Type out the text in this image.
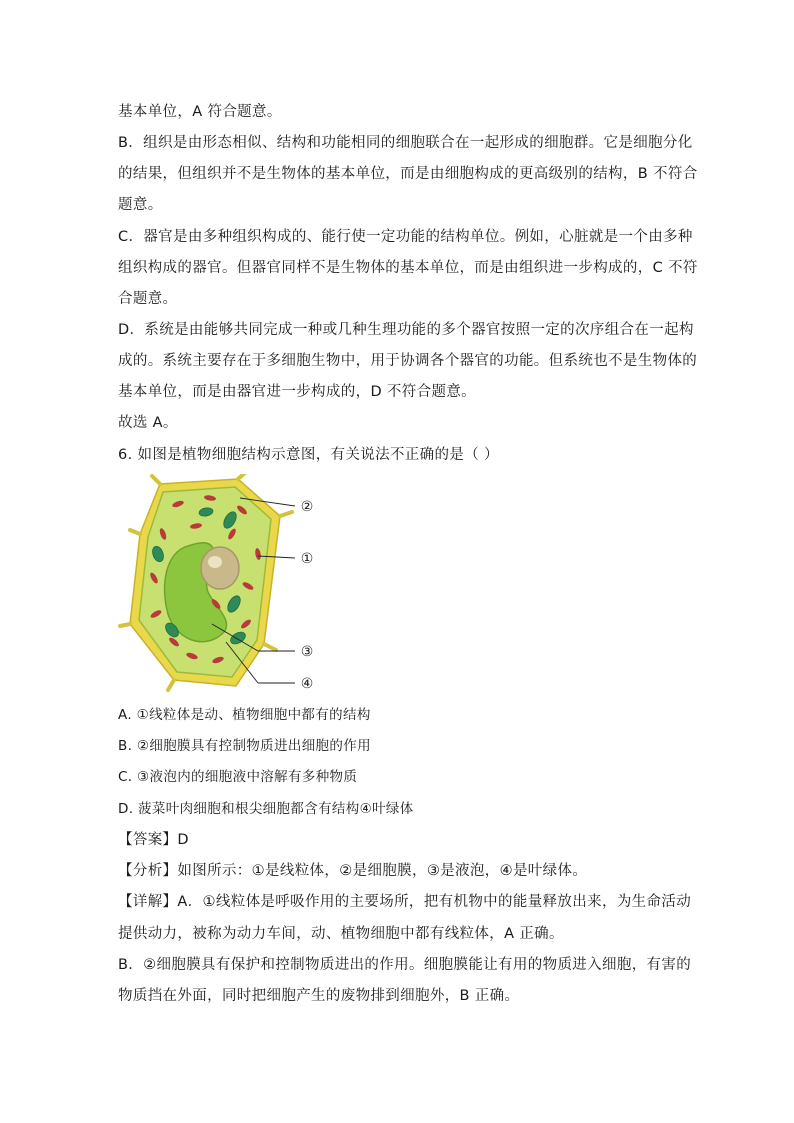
基本单位，A 符合题意。
B．组织是由形态相似、结构和功能相同的细胞联合在一起形成的细胞群。它是细胞分化
的结果，但组织并不是生物体的基本单位，而是由细胞构成的更高级别的结构，B 不符合
题意。
C．器官是由多种组织构成的、能行使一定功能的结构单位。例如，心脏就是一个由多种
组织构成的器官。但器官同样不是生物体的基本单位，而是由组织进一步构成的，C 不符
合题意。
D．系统是由能够共同完成一种或几种生理功能的多个器官按照一定的次序组合在一起构
成的。系统主要存在于多细胞生物中，用于协调各个器官的功能。但系统也不是生物体的
基本单位，而是由器官进一步构成的，D 不符合题意。
故选 A。
6. 如图是植物细胞结构示意图，有关说法不正确的是（ ）
②
①
③
④
A. ①线粒体是动、植物细胞中都有的结构
B. ②细胞膜具有控制物质进出细胞的作用
C. ③液泡内的细胞液中溶解有多种物质
D. 菠菜叶肉细胞和根尖细胞都含有结构④叶绿体
【答案】D
【分析】如图所示：①是线粒体，②是细胞膜，③是液泡，④是叶绿体。
【详解】A．①线粒体是呼吸作用的主要场所，把有机物中的能量释放出来，为生命活动
提供动力，被称为动力车间，动、植物细胞中都有线粒体，A 正确。
B．②细胞膜具有保护和控制物质进出的作用。细胞膜能让有用的物质进入细胞，有害的
物质挡在外面，同时把细胞产生的废物排到细胞外，B 正确。
